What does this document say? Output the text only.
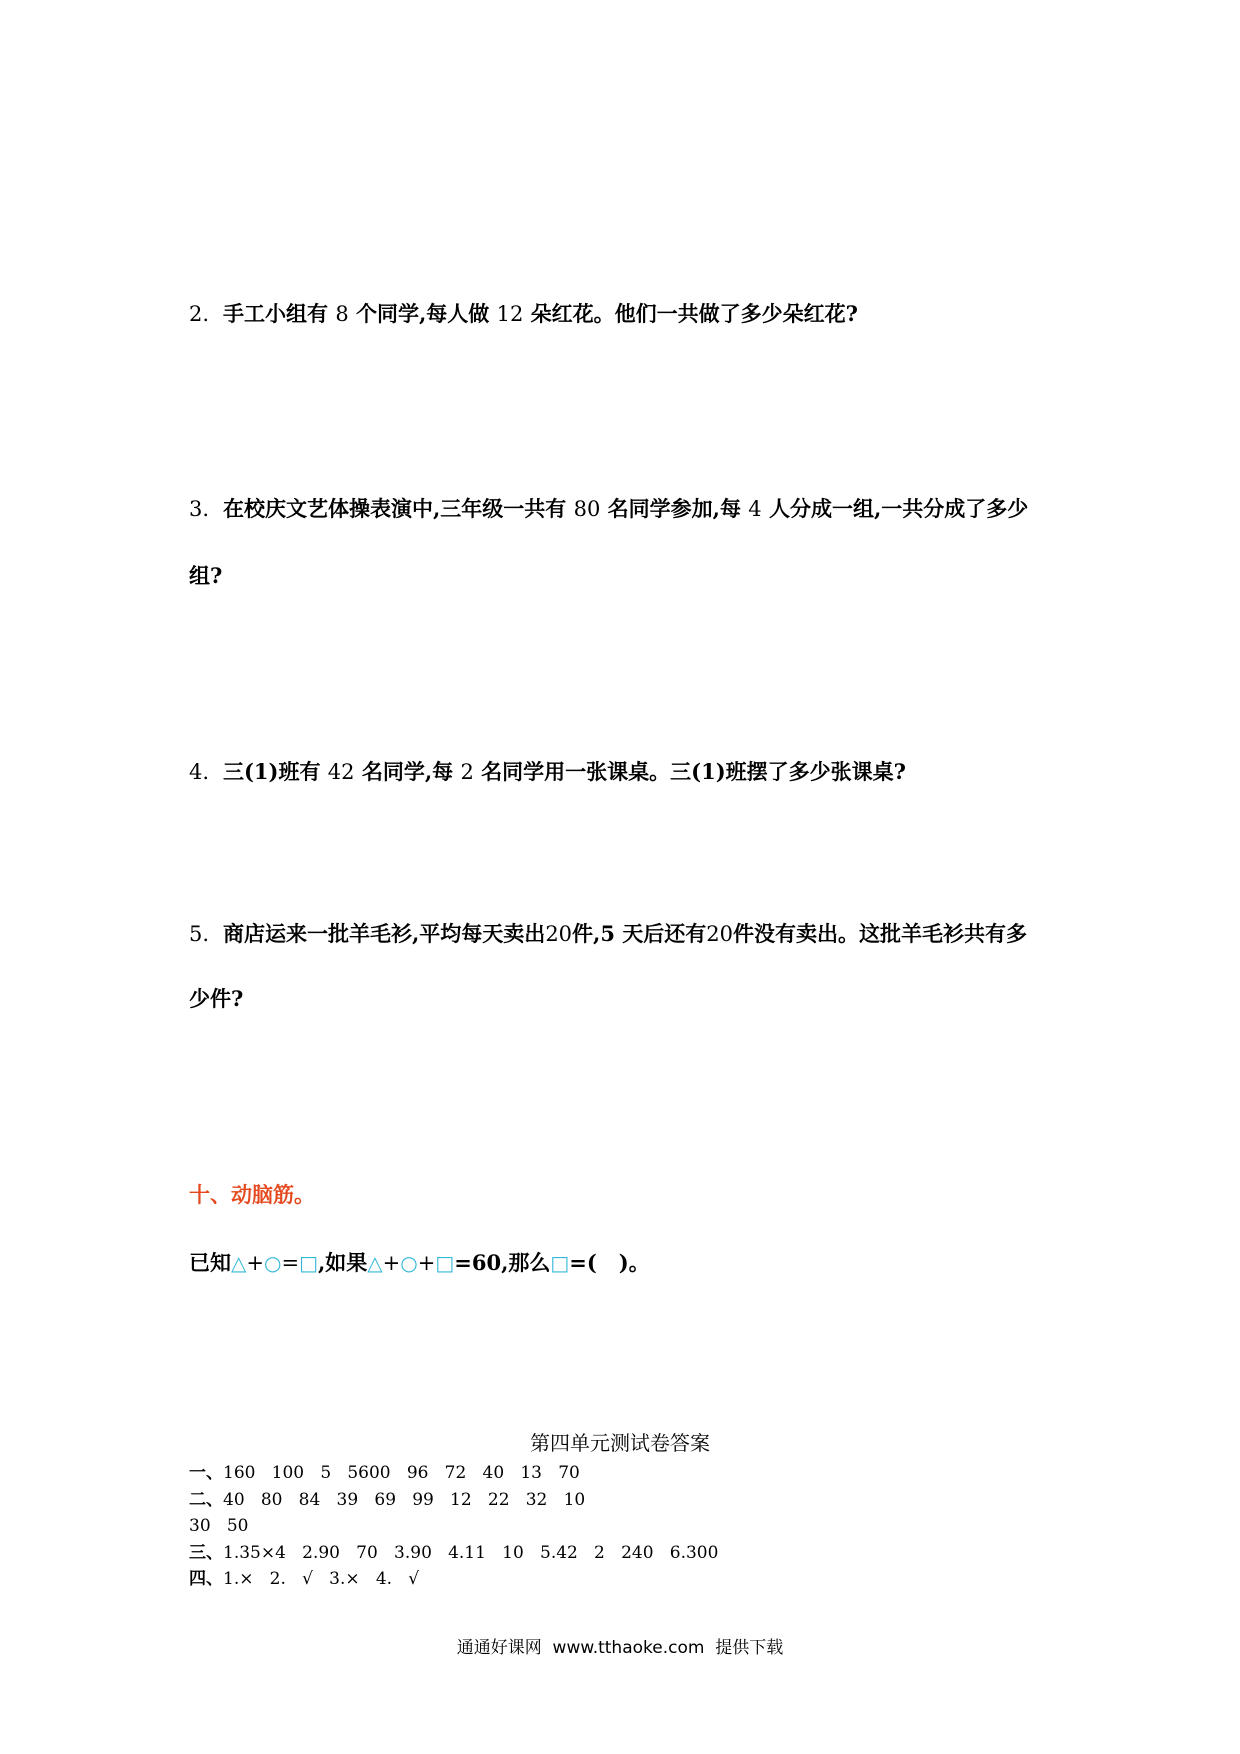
2. 手工小组有 8 个同学,每人做 12 朵红花。他们一共做了多少朵红花?
3. 在校庆文艺体操表演中,三年级一共有 80 名同学参加,每 4 人分成一组,一共分成了多少
组?
4. 三(1)班有 42 名同学,每 2 名同学用一张课桌。三(1)班摆了多少张课桌?
5. 商店运来一批羊毛衫,平均每天卖出20件,5 天后还有20件没有卖出。这批羊毛衫共有多
少件?
十、动脑筋。
已知△+○=□,如果△+○+□=60,那么□=(   )。
第四单元测试卷答案
一、160   100   5   5600   96   72   40   13   70
二、40   80   84   39   69   99   12   22   32   10
30   50
三、1.35×4   2.90   70   3.90   4.11   10   5.42   2   240   6.300
四、1.×   2.   √   3.×   4.   √
通通好课网  www.tthaoke.com  提供下载
